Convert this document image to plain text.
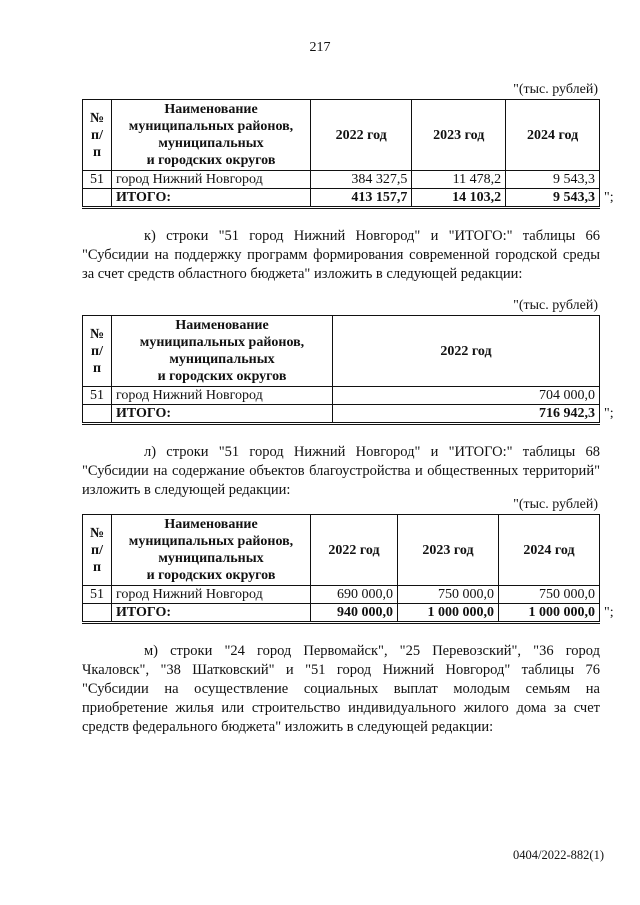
217
"(тыс. рублей)
№
п/п	Наименование
муниципальных районов,
муниципальных
и городских округов	2022 год	2023 год	2024 год
51	город Нижний Новгород	384 327,5	11 478,2	9 543,3
	ИТОГО:	413 157,7	14 103,2	9 543,3 ";

к) строки "51 город Нижний Новгород" и "ИТОГО:" таблицы 66 "Субсидии на поддержку программ формирования современной городской среды за счет средств областного бюджета" изложить в следующей редакции:

"(тыс. рублей)
№
п/п	Наименование
муниципальных районов,
муниципальных
и городских округов	2022 год
51	город Нижний Новгород	704 000,0
	ИТОГО:	716 942,3 ";

л) строки "51 город Нижний Новгород" и "ИТОГО:" таблицы 68 "Субсидии на содержание объектов благоустройства и общественных территорий" изложить в следующей редакции:

"(тыс. рублей)
№
п/п	Наименование
муниципальных районов,
муниципальных
и городских округов	2022 год	2023 год	2024 год
51	город Нижний Новгород	690 000,0	750 000,0	750 000,0
	ИТОГО:	940 000,0	1 000 000,0	1 000 000,0 ";

м) строки "24 город Первомайск", "25 Перевозский", "36 город Чкаловск", "38 Шатковский" и "51 город Нижний Новгород" таблицы 76 "Субсидии на осуществление социальных выплат молодым семьям на приобретение жилья или строительство индивидуального жилого дома за счет средств федерального бюджета" изложить в следующей редакции:

0404/2022-882(1)
